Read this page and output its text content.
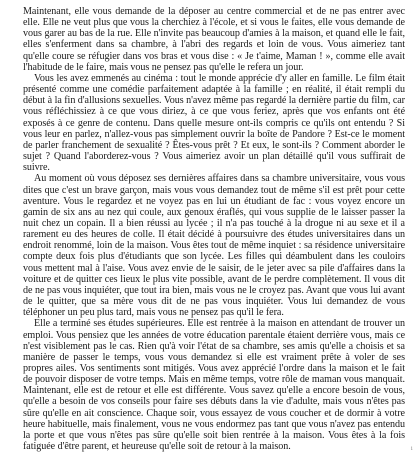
Maintenant, elle vous demande de la déposer au centre commercial et de ne pas entrer avec elle. Elle ne veut plus que vous la cherchiez à l'école, et si vous le faites, elle vous demande de vous garer au bas de la rue. Elle n'invite pas beaucoup d'amies à la maison, et quand elle le fait, elles s'enferment dans sa chambre, à l'abri des regards et loin de vous. Vous aimeriez tant qu'elle coure se réfugier dans vos bras et vous dise : « Je t'aime, Maman ! », comme elle avait l'habitude de le faire, mais vous ne pensez pas qu'elle le refera un jour.

Vous les avez emmenés au cinéma : tout le monde appréciе d'y aller en famille. Le film était présenté comme une comédie parfaitement adaptée à la famille ; en réalité, il était rempli du début à la fin d'allusions sexuelles. Vous n'avez même pas regardé la dernière partie du film, car vous réfléchissiez à ce que vous diriez, à ce que vous feriez, après que vos enfants ont été exposés à ce genre de contenu. Dans quelle mesure ont-ils compris ce qu'ils ont entendu ? Si vous leur en parlez, n'allez-vous pas simplement ouvrir la boîte de Pandore ? Est-ce le moment de parler franchement de sexualité ? Êtes-vous prêt ? Et eux, le sont-ils ? Comment aborder le sujet ? Quand l'aborderez-vous ? Vous aimeriez avoir un plan détaillé qu'il vous suffirait de suivre.

Au moment où vous déposez ses dernières affaires dans sa chambre universitaire, vous vous dites que c'est un brave garçon, mais vous vous demandez tout de même s'il est prêt pour cette aventure. Vous le regardez et ne voyez pas en lui un étudiant de fac : vous voyez encore un gamin de six ans au nez qui coule, aux genoux éraflés, qui vous supplie de le laisser passer la nuit chez un copain. Il a bien réussi au lycée ; il n'a pas touché à la drogue ni au sexe et il a rarement eu des heures de colle. Il était décidé à poursuivre des études universitaires dans un endroit renommé, loin de la maison. Vous êtes tout de même inquiet : sa résidence universitaire compte deux fois plus d'étudiants que son lycée. Les filles qui déambulent dans les couloirs vous mettent mal à l'aise. Vous avez envie de le saisir, de le jeter avec sa pile d'affaires dans la voiture et de quitter ces lieux le plus vite possible, avant de le perdre complètement. Il vous dit de ne pas vous inquiéter, que tout ira bien, mais vous ne le croyez pas. Avant que vous lui avant de le quitter, que sa mère vous dit de ne pas vous inquiéter. Vous lui demandez de vous téléphoner un peu plus tard, mais vous ne pensez pas qu'il le fera.

Elle a terminé ses études supérieures. Elle est rentrée à la maison en attendant de trouver un emploi. Vous pensiez que les années de votre éducation parentale étaient derrière vous, mais ce n'est visiblement pas le cas. Rien qu'à voir l'état de sa chambre, ses amis qu'elle a choisis et sa manière de passer le temps, vous vous demandez si elle est vraiment prête à voler de ses propres ailes. Vos sentiments sont mitigés. Vous avez apprécié l'ordre dans la maison et le fait de pouvoir disposer de votre temps. Mais en même temps, votre rôle de maman vous manquait. Maintenant, elle est de retour et elle est différente. Vous savez qu'elle a encore besoin de vous, qu'elle a besoin de vos conseils pour faire ses débuts dans la vie d'adulte, mais vous n'êtes pas sûre qu'elle en ait conscience. Chaque soir, vous essayez de vous coucher et de dormir à votre heure habituelle, mais finalement, vous ne vous endormez pas tant que vous n'avez pas entendu la porte et que vous n'êtes pas sûre qu'elle soit bien rentrée à la maison. Vous êtes à la fois fatiguée d'être parent, et heureuse qu'elle soit de retour à la maison.	1
